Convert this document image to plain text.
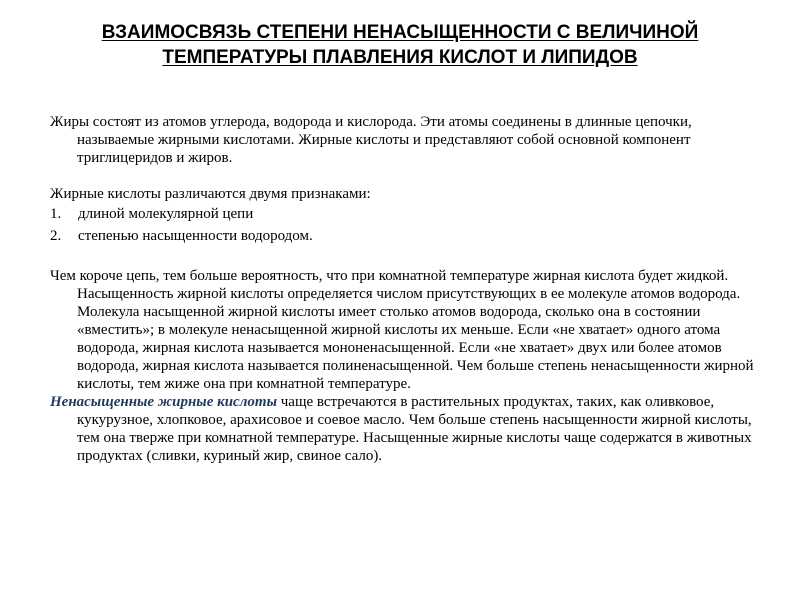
ВЗАИМОСВЯЗЬ СТЕПЕНИ НЕНАСЫЩЕННОСТИ С ВЕЛИЧИНОЙ ТЕМПЕРАТУРЫ ПЛАВЛЕНИЯ КИСЛОТ И ЛИПИДОВ

Жиры состоят из атомов углерода, водорода и кислорода. Эти атомы соединены в длинные цепочки, называемые жирными кислотами. Жирные кислоты и представляют собой основной компонент триглицеридов и жиров.

Жирные кислоты различаются двумя признаками:

1. длиной молекулярной цепи
2. степенью насыщенности водородом.

Чем короче цепь, тем больше вероятность, что при комнатной температуре жирная кислота будет жидкой. Насыщенность жирной кислоты определяется числом присутствующих в ее молекуле атомов водорода. Молекула насыщенной жирной кислоты имеет столько атомов водорода, сколько она в состоянии «вместить»; в молекуле ненасыщенной жирной кислоты их меньше. Если «не хватает» одного атома водорода, жирная кислота называется мононенасыщенной. Если «не хватает» двух или более атомов водорода, жирная кислота называется полиненасыщенной. Чем больше степень ненасыщенности жирной кислоты, тем жиже она при комнатной температуре.

Ненасыщенные жирные кислоты чаще встречаются в растительных продуктах, таких, как оливковое, кукурузное, хлопковое, арахисовое и соевое масло. Чем больше степень насыщенности жирной кислоты, тем она тверже при комнатной температуре. Насыщенные жирные кислоты чаще содержатся в животных продуктах (сливки, куриный жир, свиное сало).
